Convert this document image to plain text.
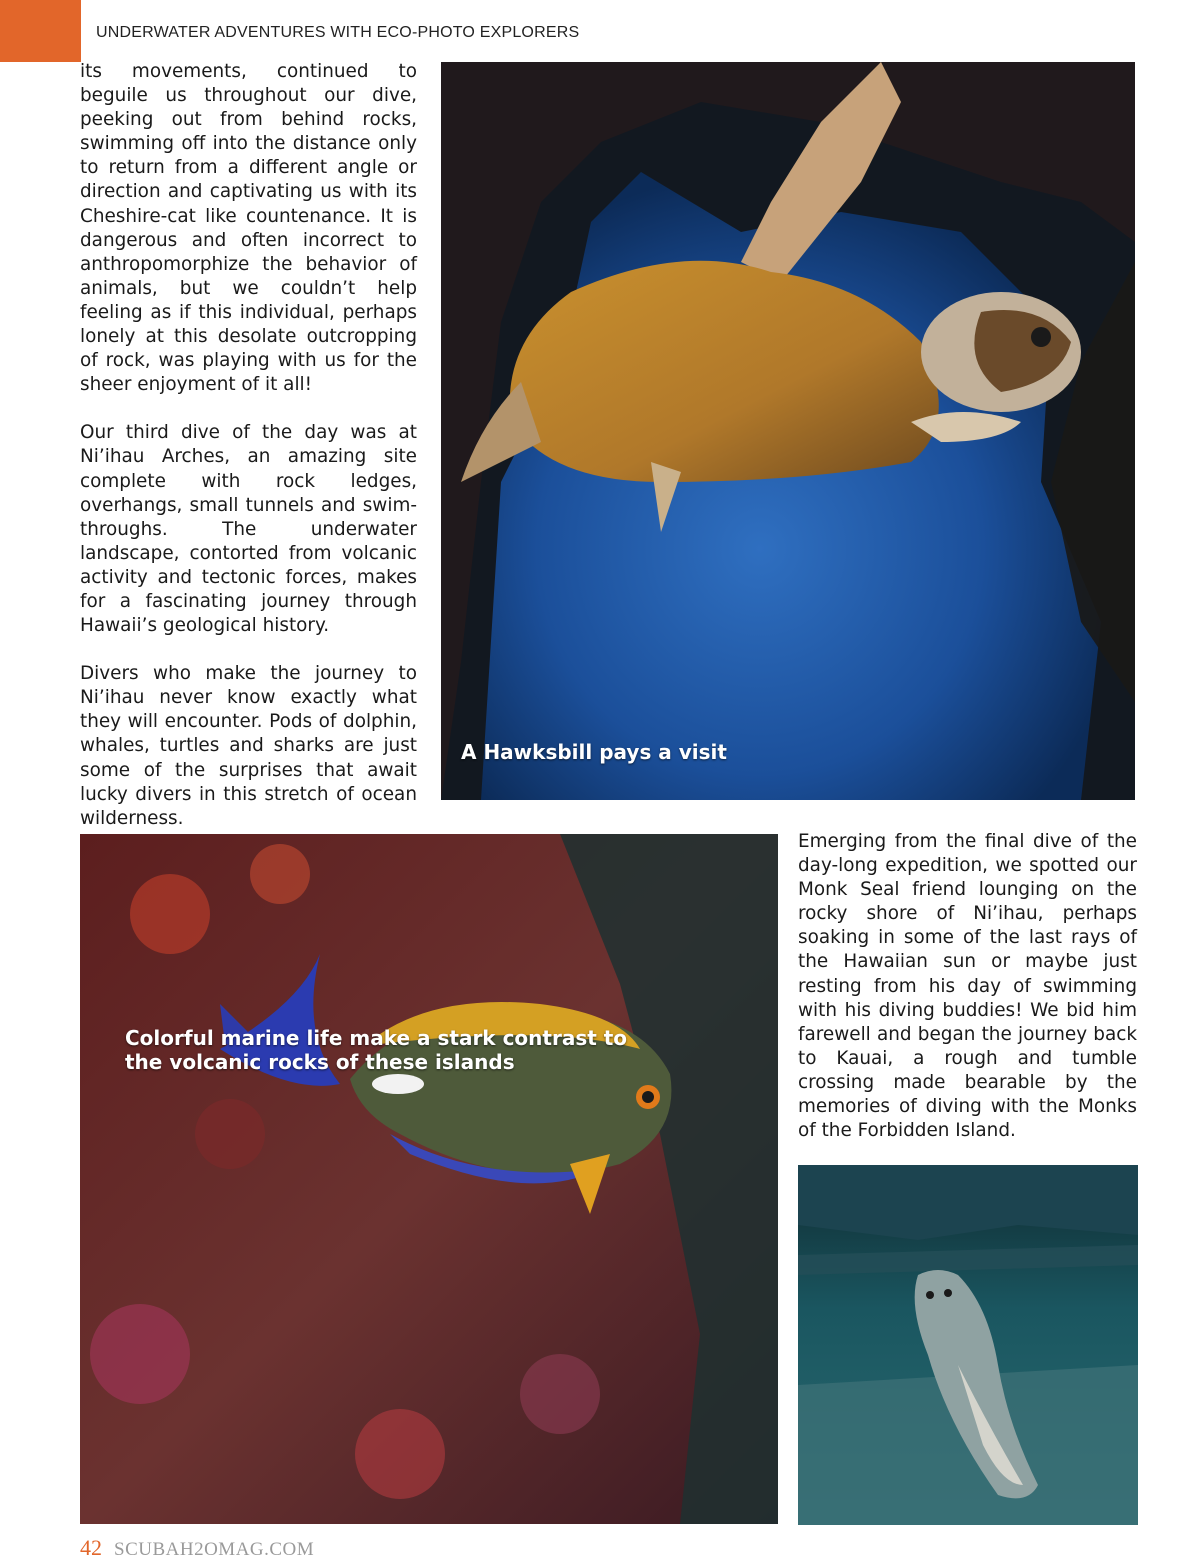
UNDERWATER ADVENTURES WITH ECO-PHOTO EXPLORERS

its movements, continued to beguile us throughout our dive, peeking out from behind rocks, swimming off into the distance only to return from a different angle or direction and captivating us with its Cheshire-cat like countenance. It is dangerous and often incorrect to anthropomorphize the behavior of animals, but we couldn’t help feeling as if this individual, perhaps lonely at this desolate outcropping of rock, was playing with us for the sheer enjoyment of it all!

Our third dive of the day was at Ni’ihau Arches, an amazing site complete with rock ledges, overhangs, small tunnels and swim-throughs. The underwater landscape, contorted from volcanic activity and tectonic forces, makes for a fascinating journey through Hawaii’s geological history.

Divers who make the journey to Ni’ihau never know exactly what they will encounter. Pods of dolphin, whales, turtles and sharks are just some of the surprises that await lucky divers in this stretch of ocean wilderness.

A Hawksbill pays a visit
Colorful marine life make a stark contrast to the volcanic rocks of these islands

Emerging from the final dive of the day-long expedition, we spotted our Monk Seal friend lounging on the rocky shore of Ni’ihau, perhaps soaking in some of the last rays of the Hawaiian sun or maybe just resting from his day of swimming with his diving buddies! We bid him farewell and began the journey back to Kauai, a rough and tumble crossing made bearable by the memories of diving with the Monks of the Forbidden Island.

42 SCUBAH2OMAG.COM
